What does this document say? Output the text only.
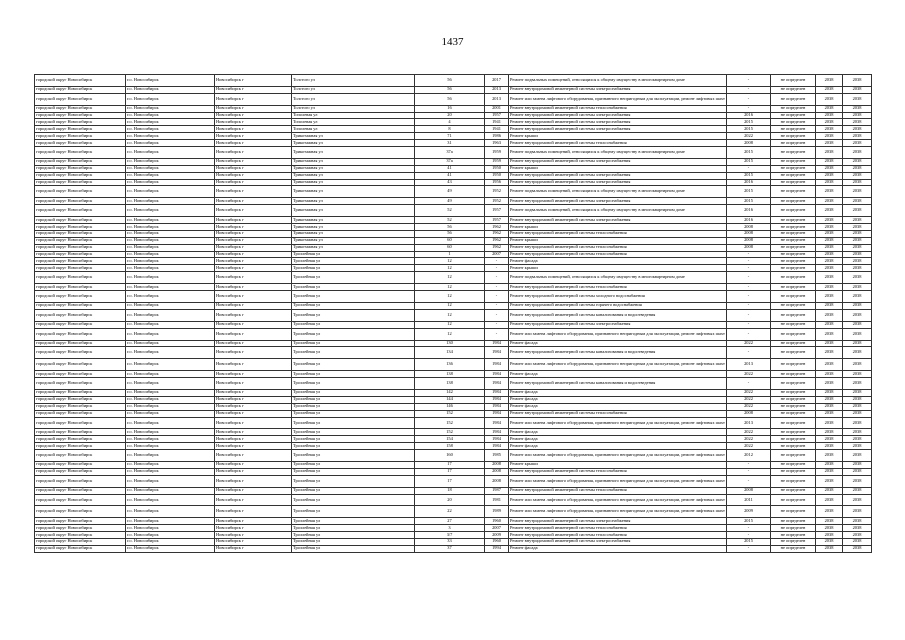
1437
городской округ Новосибирск	г.о. Новосибирск	Новосибирск г	Толстого ул	56	2017	Ремонт подвальных помещений, относящихся к общему имуществу в многоквартирном доме	-	не определен	2038	2038
городской округ Новосибирск	г.о. Новосибирск	Новосибирск г	Толстого ул	56	2013	Ремонт внутридомовой инженерной системы электроснабжения	-	не определен	2038	2038
городской округ Новосибирск	г.о. Новосибирск	Новосибирск г	Толстого ул	56	2013	Ремонт или замена лифтового оборудования, признанного непригодным для эксплуатации, ремонт лифтовых шахт	-	не определен	2038	2038
городской округ Новосибирск	г.о. Новосибирск	Новосибирск г	Толстого ул	16	2001	Ремонт внутридомовой инженерной системы теплоснабжения	-	не определен	2038	2038
городской округ Новосибирск	г.о. Новосибирск	Новосибирск г	Тополевая ул	20	1957	Ремонт внутридомовой инженерной системы электроснабжения	2016	не определен	2038	2038
городской округ Новосибирск	г.о. Новосибирск	Новосибирск г	Тополевая ул	4	1941	Ремонт внутридомовой инженерной системы электроснабжения	2015	не определен	2038	2038
городской округ Новосибирск	г.о. Новосибирск	Новосибирск г	Тополевая ул	8	1941	Ремонт внутридомовой инженерной системы электроснабжения	2015	не определен	2038	2038
городской округ Новосибирск	г.о. Новосибирск	Новосибирск г	Трикотажная ул	71	1986	Ремонт крыши	2022	не определен	2038	2038
городской округ Новосибирск	г.о. Новосибирск	Новосибирск г	Трикотажная ул	31	1963	Ремонт внутридомовой инженерной системы теплоснабжения	2008	не определен	2038	2038
городской округ Новосибирск	г.о. Новосибирск	Новосибирск г	Трикотажная ул	37а	1959	Ремонт подвальных помещений, относящихся к общему имуществу в многоквартирном доме	2015	не определен	2038	2038
городской округ Новосибирск	г.о. Новосибирск	Новосибирск г	Трикотажная ул	37а	1959	Ремонт внутридомовой инженерной системы электроснабжения	2015	не определен	2038	2038
городской округ Новосибирск	г.о. Новосибирск	Новосибирск г	Трикотажная ул	41	1950	Ремонт крыши	-	не определен	2038	2038
городской округ Новосибирск	г.о. Новосибирск	Новосибирск г	Трикотажная ул	41	1950	Ремонт внутридомовой инженерной системы электроснабжения	2015	не определен	2038	2038
городской округ Новосибирск	г.о. Новосибирск	Новосибирск г	Трикотажная ул	43	1956	Ремонт внутридомовой инженерной системы электроснабжения	2016	не определен	2038	2038
городской округ Новосибирск	г.о. Новосибирск	Новосибирск г	Трикотажная ул	49	1952	Ремонт подвальных помещений, относящихся к общему имуществу в многоквартирном доме	2015	не определен	2038	2038
городской округ Новосибирск	г.о. Новосибирск	Новосибирск г	Трикотажная ул	49	1952	Ремонт внутридомовой инженерной системы электроснабжения	2015	не определен	2038	2038
городской округ Новосибирск	г.о. Новосибирск	Новосибирск г	Трикотажная ул	52	1957	Ремонт подвальных помещений, относящихся к общему имуществу в многоквартирном доме	2016	не определен	2038	2038
городской округ Новосибирск	г.о. Новосибирск	Новосибирск г	Трикотажная ул	52	1957	Ремонт внутридомовой инженерной системы электроснабжения	2016	не определен	2038	2038
городской округ Новосибирск	г.о. Новосибирск	Новосибирск г	Трикотажная ул	56	1962	Ремонт крыши	2008	не определен	2038	2038
городской округ Новосибирск	г.о. Новосибирск	Новосибирск г	Трикотажная ул	56	1962	Ремонт внутридомовой инженерной системы теплоснабжения	2008	не определен	2038	2038
городской округ Новосибирск	г.о. Новосибирск	Новосибирск г	Трикотажная ул	60	1962	Ремонт крыши	2008	не определен	2038	2038
городской округ Новосибирск	г.о. Новосибирск	Новосибирск г	Трикотажная ул	60	1962	Ремонт внутридомовой инженерной системы теплоснабжения	2008	не определен	2038	2038
городской округ Новосибирск	г.о. Новосибирск	Новосибирск г	Троллейная ул	1	2007	Ремонт внутридомовой инженерной системы теплоснабжения	-	не определен	2038	2038
городской округ Новосибирск	г.о. Новосибирск	Новосибирск г	Троллейная ул	12	-	Ремонт фасада	-	не определен	2038	2038
городской округ Новосибирск	г.о. Новосибирск	Новосибирск г	Троллейная ул	12	-	Ремонт крыши	-	не определен	2038	2038
городской округ Новосибирск	г.о. Новосибирск	Новосибирск г	Троллейная ул	12	-	Ремонт подвальных помещений, относящихся к общему имуществу в многоквартирном доме	-	не определен	2038	2038
городской округ Новосибирск	г.о. Новосибирск	Новосибирск г	Троллейная ул	12	-	Ремонт внутридомовой инженерной системы теплоснабжения	-	не определен	2038	2038
городской округ Новосибирск	г.о. Новосибирск	Новосибирск г	Троллейная ул	12	-	Ремонт внутридомовой инженерной системы холодного водоснабжения	-	не определен	2038	2038
городской округ Новосибирск	г.о. Новосибирск	Новосибирск г	Троллейная ул	12	-	Ремонт внутридомовой инженерной системы горячего водоснабжения	-	не определен	2038	2038
городской округ Новосибирск	г.о. Новосибирск	Новосибирск г	Троллейная ул	12	-	Ремонт внутридомовой инженерной системы канализования и водоотведения	-	не определен	2038	2038
городской округ Новосибирск	г.о. Новосибирск	Новосибирск г	Троллейная ул	12	-	Ремонт внутридомовой инженерной системы электроснабжения	-	не определен	2038	2038
городской округ Новосибирск	г.о. Новосибирск	Новосибирск г	Троллейная ул	12	-	Ремонт или замена лифтового оборудования, признанного непригодным для эксплуатации, ремонт лифтовых шахт	-	не определен	2038	2038
городской округ Новосибирск	г.о. Новосибирск	Новосибирск г	Троллейная ул	130	1984	Ремонт фасада	2022	не определен	2038	2038
городской округ Новосибирск	г.о. Новосибирск	Новосибирск г	Троллейная ул	134	1984	Ремонт внутридомовой инженерной системы канализования и водоотведения	-	не определен	2038	2038
городской округ Новосибирск	г.о. Новосибирск	Новосибирск г	Троллейная ул	136	1984	Ремонт или замена лифтового оборудования, признанного непригодным для эксплуатации, ремонт лифтовых шахт	2013	не определен	2038	2038
городской округ Новосибирск	г.о. Новосибирск	Новосибирск г	Троллейная ул	138	1984	Ремонт фасада	2022	не определен	2038	2038
городской округ Новосибирск	г.о. Новосибирск	Новосибирск г	Троллейная ул	138	1984	Ремонт внутридомовой инженерной системы канализования и водоотведения	-	не определен	2038	2038
городской округ Новосибирск	г.о. Новосибирск	Новосибирск г	Троллейная ул	142	1984	Ремонт фасада	2022	не определен	2038	2038
городской округ Новосибирск	г.о. Новосибирск	Новосибирск г	Троллейная ул	144	1984	Ремонт фасада	2022	не определен	2038	2038
городской округ Новосибирск	г.о. Новосибирск	Новосибирск г	Троллейная ул	146	1984	Ремонт фасада	2022	не определен	2038	2038
городской округ Новосибирск	г.о. Новосибирск	Новосибирск г	Троллейная ул	152	1984	Ремонт внутридомовой инженерной системы теплоснабжения	2008	не определен	2038	2038
городской округ Новосибирск	г.о. Новосибирск	Новосибирск г	Троллейная ул	152	1984	Ремонт или замена лифтового оборудования, признанного непригодным для эксплуатации, ремонт лифтовых шахт	2013	не определен	2038	2038
городской округ Новосибирск	г.о. Новосибирск	Новосибирск г	Троллейная ул	152	1984	Ремонт фасада	2022	не определен	2038	2038
городской округ Новосибирск	г.о. Новосибирск	Новосибирск г	Троллейная ул	154	1984	Ремонт фасада	2022	не определен	2038	2038
городской округ Новосибирск	г.о. Новосибирск	Новосибирск г	Троллейная ул	158	1984	Ремонт фасада	2022	не определен	2038	2038
городской округ Новосибирск	г.о. Новосибирск	Новосибирск г	Троллейная ул	160	1985	Ремонт или замена лифтового оборудования, признанного непригодным для эксплуатации, ремонт лифтовых шахт	2012	не определен	2038	2038
городской округ Новосибирск	г.о. Новосибирск	Новосибирск г	Троллейная ул	17	2008	Ремонт крыши	-	не определен	2038	2038
городской округ Новосибирск	г.о. Новосибирск	Новосибирск г	Троллейная ул	17	2008	Ремонт внутридомовой инженерной системы теплоснабжения	-	не определен	2038	2038
городской округ Новосибирск	г.о. Новосибирск	Новосибирск г	Троллейная ул	17	2008	Ремонт или замена лифтового оборудования, признанного непригодным для эксплуатации, ремонт лифтовых шахт	-	не определен	2038	2038
городской округ Новосибирск	г.о. Новосибирск	Новосибирск г	Троллейная ул	18	1987	Ремонт внутридомовой инженерной системы теплоснабжения	2008	не определен	2038	2038
городской округ Новосибирск	г.о. Новосибирск	Новосибирск г	Троллейная ул	20	1981	Ремонт или замена лифтового оборудования, признанного непригодным для эксплуатации, ремонт лифтовых шахт	2011	не определен	2038	2038
городской округ Новосибирск	г.о. Новосибирск	Новосибирск г	Троллейная ул	22	1989	Ремонт или замена лифтового оборудования, признанного непригодным для эксплуатации, ремонт лифтовых шахт	2009	не определен	2038	2038
городской округ Новосибирск	г.о. Новосибирск	Новосибирск г	Троллейная ул	27	1960	Ремонт внутридомовой инженерной системы электроснабжения	2015	не определен	2038	2038
городской округ Новосибирск	г.о. Новосибирск	Новосибирск г	Троллейная ул	3	2007	Ремонт внутридомовой инженерной системы теплоснабжения	-	не определен	2038	2038
городской округ Новосибирск	г.о. Новосибирск	Новосибирск г	Троллейная ул	3/7	2009	Ремонт внутридомовой инженерной системы теплоснабжения	-	не определен	2038	2038
городской округ Новосибирск	г.о. Новосибирск	Новосибирск г	Троллейная ул	33	1960	Ремонт внутридомовой инженерной системы электроснабжения	2015	не определен	2038	2038
городской округ Новосибирск	г.о. Новосибирск	Новосибирск г	Троллейная ул	37	1994	Ремонт фасада	-	не определен	2038	2038
